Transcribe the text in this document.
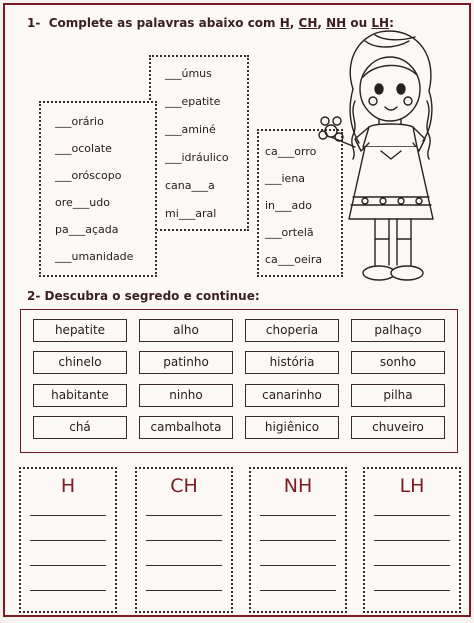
1- Complete as palavras abaixo com H, CH, NH ou LH:
___úmus
___epatite
___aminé
___idráulico
cana___a
mi___aral
___orário
___ocolate
___oróscopo
ore___udo
pa___açada
___umanidade
ca___orro
___iena
in___ado
___ortelã
ca___oeira
2- Descubra o segredo e continue:
hepatite	alho	choperia	palhaço
chinelo	patinho	história	sonho
habitante	ninho	canarinho	pilha
chá	cambalhota	higiênico	chuveiro
H	CH	NH	LH
